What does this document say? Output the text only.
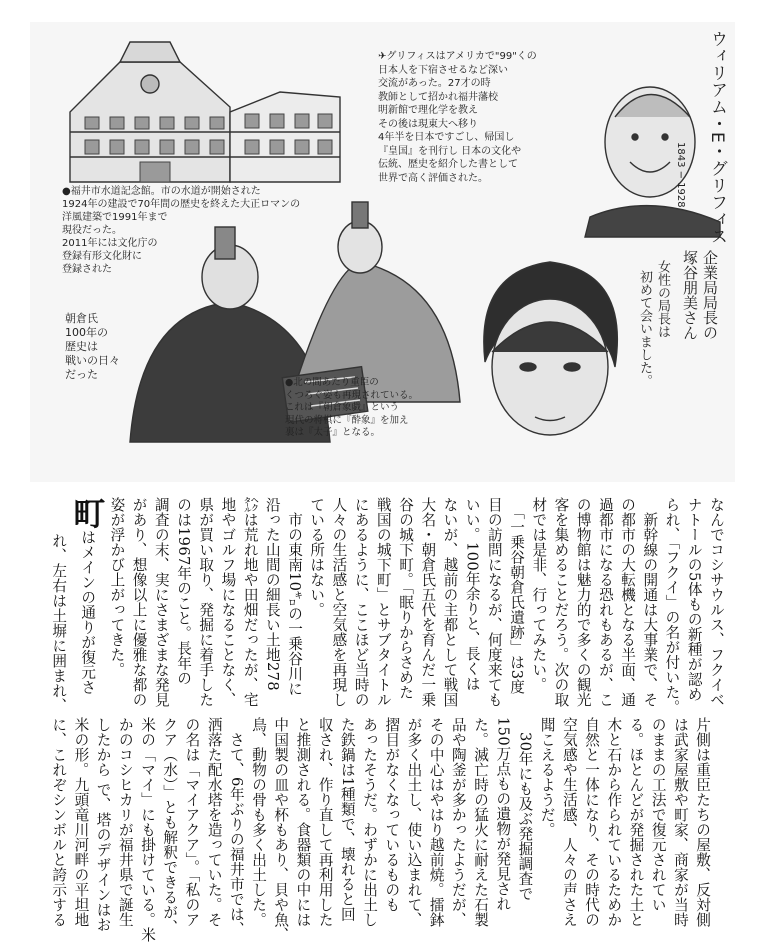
✈グリフィスはアメリカで"99"くの
日本人を下宿させるなど深い
交流があった。27才の時
教師として招かれ福井藩校
明新館で理化学を教え
その後は現東大へ移り
4年半を日本ですごし、帰国し
『皇国』を刊行し 日本の文化や
伝統、歴史を紹介した書として
世界で高く評価された。	ウィリアム・E・グリフィス
1843 − 1928
●福井市水道記念館。市の水道が開始された
1924年の建設で70年間の歴史を終えた大正ロマンの
洋風建築で1991年まで
現役だった。
2011年には文化庁の
登録有形文化財に
登録された
朝倉氏
100年の
歴史は
戦いの日々
だった
●北の間あたり重臣の
くつろぐ姿も再現されている。
これは『朝倉象戯』という
現代の将棋に『酔象』を加え
裏は『太子』となる。
企業局局長の
塚谷朋美さん
女性の局長は
初めて会いました。
なんでコシサウルス、フクイベ
ナトールの5体もの新種が認め
られ、「フクイ」の名が付いた。
　新幹線の開通は大事業で、そ
の都市の大転機となる半面、通
過都市になる恐れもあるが、こ
の博物館は魅力的で多くの観光
客を集めることだろう。次の取
材では是非、行ってみたい。
　「一乗谷朝倉氏遺跡」は3度
目の訪問になるが、何度来ても
いい。100年余りと、長くは
ないが、越前の主都として戦国
大名・朝倉氏五代を育んだ一乗
谷の城下町。「眠りからさめた
戦国の城下町」とサブタイトル
にあるように、ここほど当時の
人々の生活感と空気感を再現し
ている所はない。
　市の東南10㌔の一乗谷川に
沿った山間の細長い土地278
㌶は荒れ地や田畑だったが、宅
地やゴルフ場になることなく、
県が買い取り、発掘に着手した
のは1967年のこと。長年の
調査の末、実にさまざまな発見
があり、想像以上に優雅な都の
姿が浮かび上がってきた。
町はメインの通りが復元さ
れ、左右は土塀に囲まれ、
片側は重臣たちの屋敷、反対側
は武家屋敷や町家、商家が当時
のままの工法で復元されてい
る。ほとんどが発掘された土と
木と石から作られているためか
自然と一体になり、その時代の
空気感や生活感、人々の声さえ
聞こえるようだ。
　30年にも及ぶ発掘調査で
150万点もの遺物が発見され
た。滅亡時の猛火に耐えた石製
品や陶釜が多かったようだが、
その中心はやはり越前焼。擂鉢
が多く出土し、使い込まれて、
摺目がなくなっているものも
あったそうだ。わずかに出土し
た鉄鍋は1種類で、壊れると回
収され、作り直して再利用した
と推測される。食器類の中には
中国製の皿や杯もあり、貝や魚、
鳥、動物の骨も多く出土した。
　さて、6年ぶりの福井市では、
洒落た配水塔を造っていた。そ
の名は「マイアクア」。「私のア
クア（水）」とも解釈できるが、
米の「マイ」にも掛けている。米
かのコシヒカリが福井県で誕生
したから で、塔のデザインはお
米の形。九頭竜川河畔の平坦地
に、これぞシンボルと誇示する
